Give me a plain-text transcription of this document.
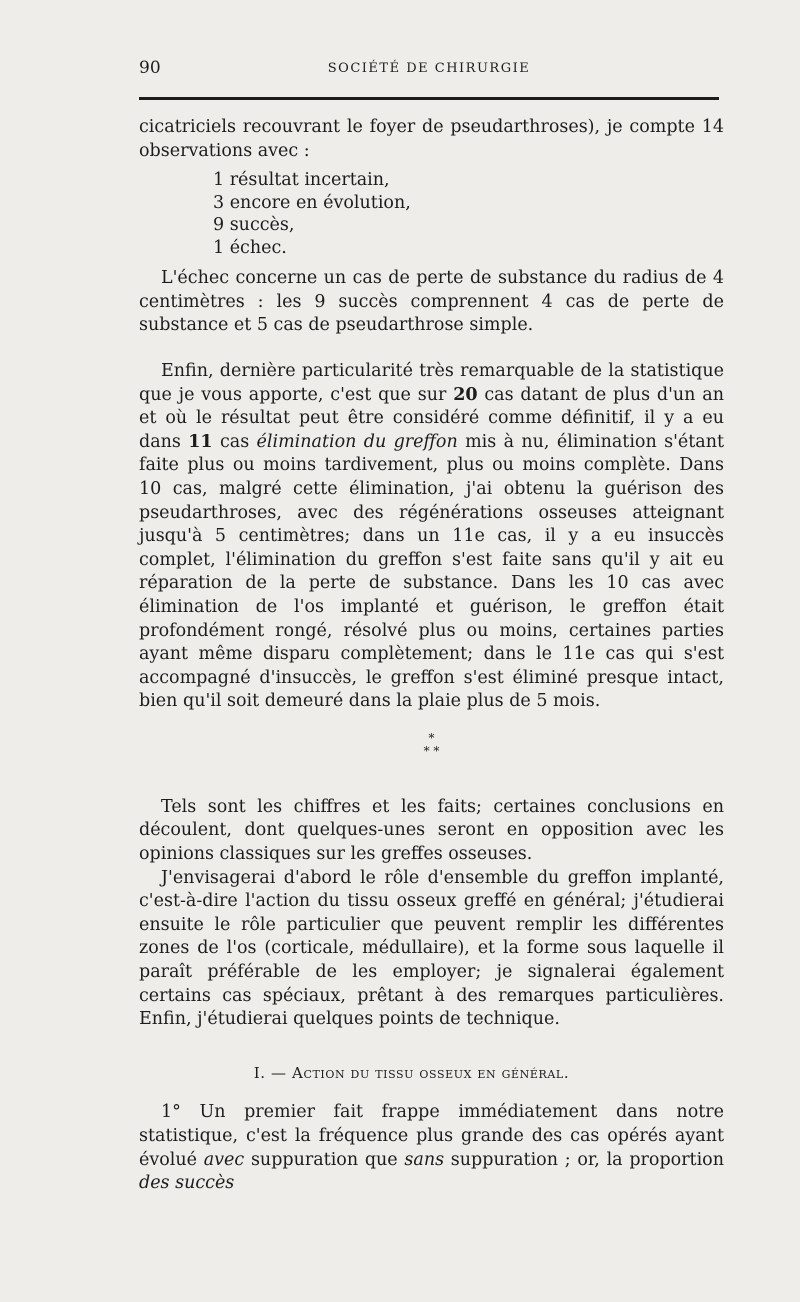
90	SOCIÉTÉ DE CHIRURGIE

cicatriciels recouvrant le foyer de pseudarthroses), je compte 14 observations avec :

1 résultat incertain,
3 encore en évolution,
9 succès,
1 échec.

L'échec concerne un cas de perte de substance du radius de 4 centimètres : les 9 succès comprennent 4 cas de perte de substance et 5 cas de pseudarthrose simple.

Enfin, dernière particularité très remarquable de la statistique que je vous apporte, c'est que sur 20 cas datant de plus d'un an et où le résultat peut être considéré comme définitif, il y a eu dans 11 cas élimination du greffon mis à nu, élimination s'étant faite plus ou moins tardivement, plus ou moins complète. Dans 10 cas, malgré cette élimination, j'ai obtenu la guérison des pseudarthroses, avec des régénérations osseuses atteignant jusqu'à 5 centimètres; dans un 11e cas, il y a eu insuccès complet, l'élimination du greffon s'est faite sans qu'il y ait eu réparation de la perte de substance. Dans les 10 cas avec élimination de l'os implanté et guérison, le greffon était profondément rongé, résolvé plus ou moins, certaines parties ayant même disparu complètement; dans le 11e cas qui s'est accompagné d'insuccès, le greffon s'est éliminé presque intact, bien qu'il soit demeuré dans la plaie plus de 5 mois.

*
* *

Tels sont les chiffres et les faits; certaines conclusions en découlent, dont quelques-unes seront en opposition avec les opinions classiques sur les greffes osseuses.

J'envisagerai d'abord le rôle d'ensemble du greffon implanté, c'est-à-dire l'action du tissu osseux greffé en général; j'étudierai ensuite le rôle particulier que peuvent remplir les différentes zones de l'os (corticale, médullaire), et la forme sous laquelle il paraît préférable de les employer; je signalerai également certains cas spéciaux, prêtant à des remarques particulières. Enfin, j'étudierai quelques points de technique.

I. — Action du tissu osseux en général.

1° Un premier fait frappe immédiatement dans notre statistique, c'est la fréquence plus grande des cas opérés ayant évolué avec suppuration que sans suppuration ; or, la proportion des succès
